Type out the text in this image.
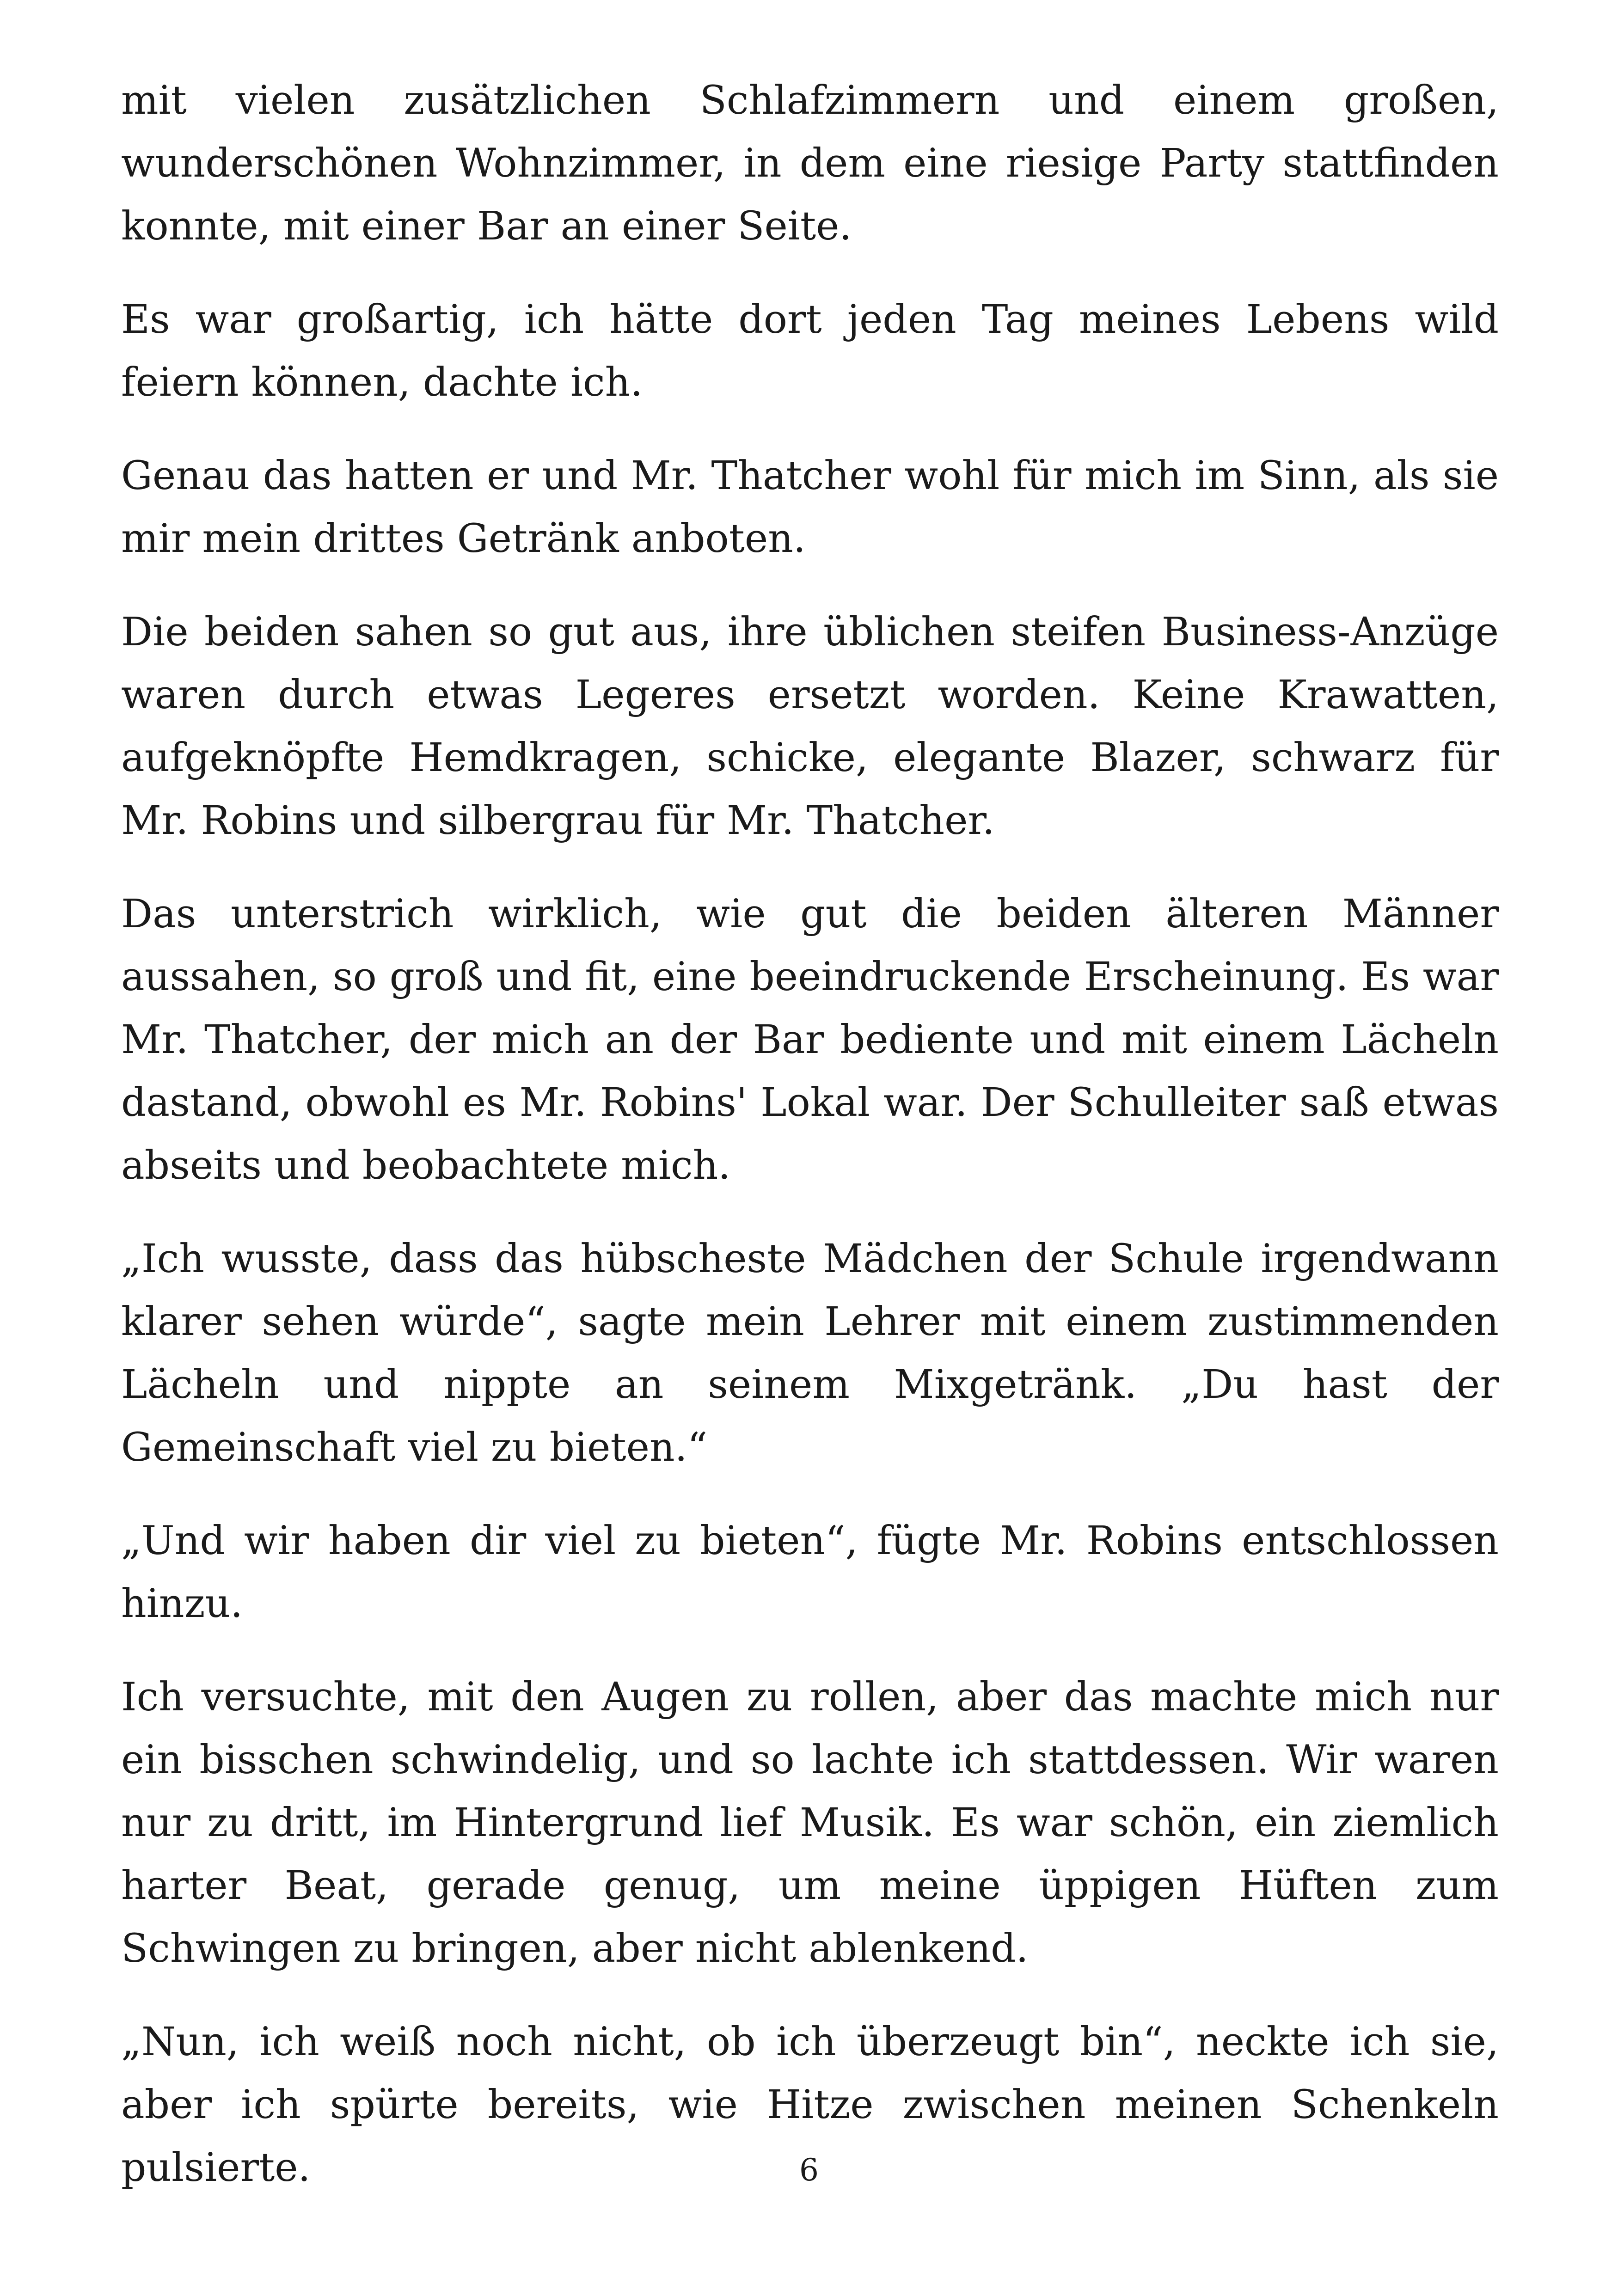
mit vielen zusätzlichen Schlafzimmern und einem großen, wunderschönen Wohnzimmer, in dem eine riesige Party stattfinden konnte, mit einer Bar an einer Seite.

Es war großartig, ich hätte dort jeden Tag meines Lebens wild feiern können, dachte ich.

Genau das hatten er und Mr. Thatcher wohl für mich im Sinn, als sie mir mein drittes Getränk anboten.

Die beiden sahen so gut aus, ihre üblichen steifen Business-Anzüge waren durch etwas Legeres ersetzt worden. Keine Krawatten, aufgeknöpfte Hemdkragen, schicke, elegante Blazer, schwarz für Mr. Robins und silbergrau für Mr. Thatcher.

Das unterstrich wirklich, wie gut die beiden älteren Männer aussahen, so groß und fit, eine beeindruckende Erscheinung. Es war Mr. Thatcher, der mich an der Bar bediente und mit einem Lächeln dastand, obwohl es Mr. Robins' Lokal war. Der Schulleiter saß etwas abseits und beobachtete mich.

„Ich wusste, dass das hübscheste Mädchen der Schule irgendwann klarer sehen würde“, sagte mein Lehrer mit einem zustimmenden Lächeln und nippte an seinem Mixgetränk. „Du hast der Gemeinschaft viel zu bieten.“

„Und wir haben dir viel zu bieten“, fügte Mr. Robins entschlossen hinzu.

Ich versuchte, mit den Augen zu rollen, aber das machte mich nur ein bisschen schwindelig, und so lachte ich stattdessen. Wir waren nur zu dritt, im Hintergrund lief Musik. Es war schön, ein ziemlich harter Beat, gerade genug, um meine üppigen Hüften zum Schwingen zu bringen, aber nicht ablenkend.

„Nun, ich weiß noch nicht, ob ich überzeugt bin“, neckte ich sie, aber ich spürte bereits, wie Hitze zwischen meinen Schenkeln pulsierte.	6
